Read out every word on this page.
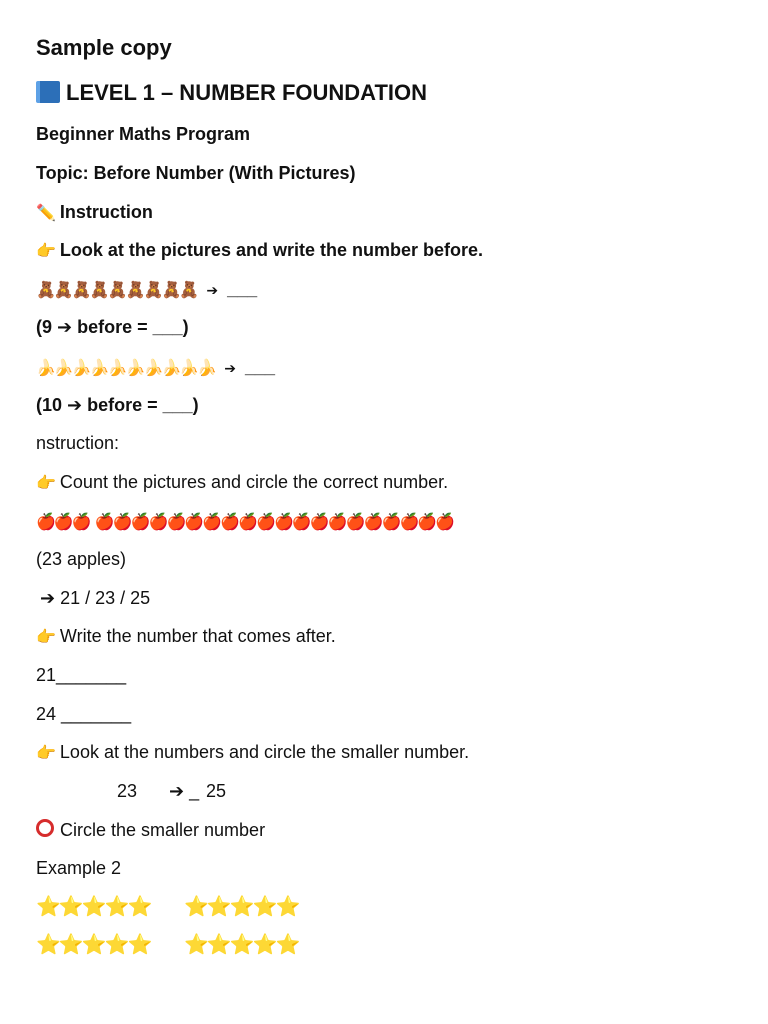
Sample copy
LEVEL 1 – NUMBER FOUNDATION
Beginner Maths Program
Topic: Before Number (With Pictures)
✏️ Instruction
👉 Look at the pictures and write the number before.
🧸🧸🧸🧸🧸🧸🧸🧸🧸 ➔ ___
(9 ➔ before = ___)
🍌🍌🍌🍌🍌🍌🍌🍌🍌🍌 ➔ ___
(10 ➔ before = ___)
nstruction:
👉 Count the pictures and circle the correct number.
🍎🍎🍎 🍎🍎🍎🍎🍎🍎🍎🍎🍎🍎🍎🍎🍎🍎🍎🍎🍎🍎🍎🍎
(23 apples)
➔ 21 / 23 / 25
👉 Write the number that comes after.
21_______
24 _______
👉 Look at the numbers and circle the smaller number.
23 ➔ _ 25
Circle the smaller number
Example 2
⭐⭐⭐⭐⭐ ⭐⭐⭐⭐⭐
⭐⭐⭐⭐⭐ ⭐⭐⭐⭐⭐
